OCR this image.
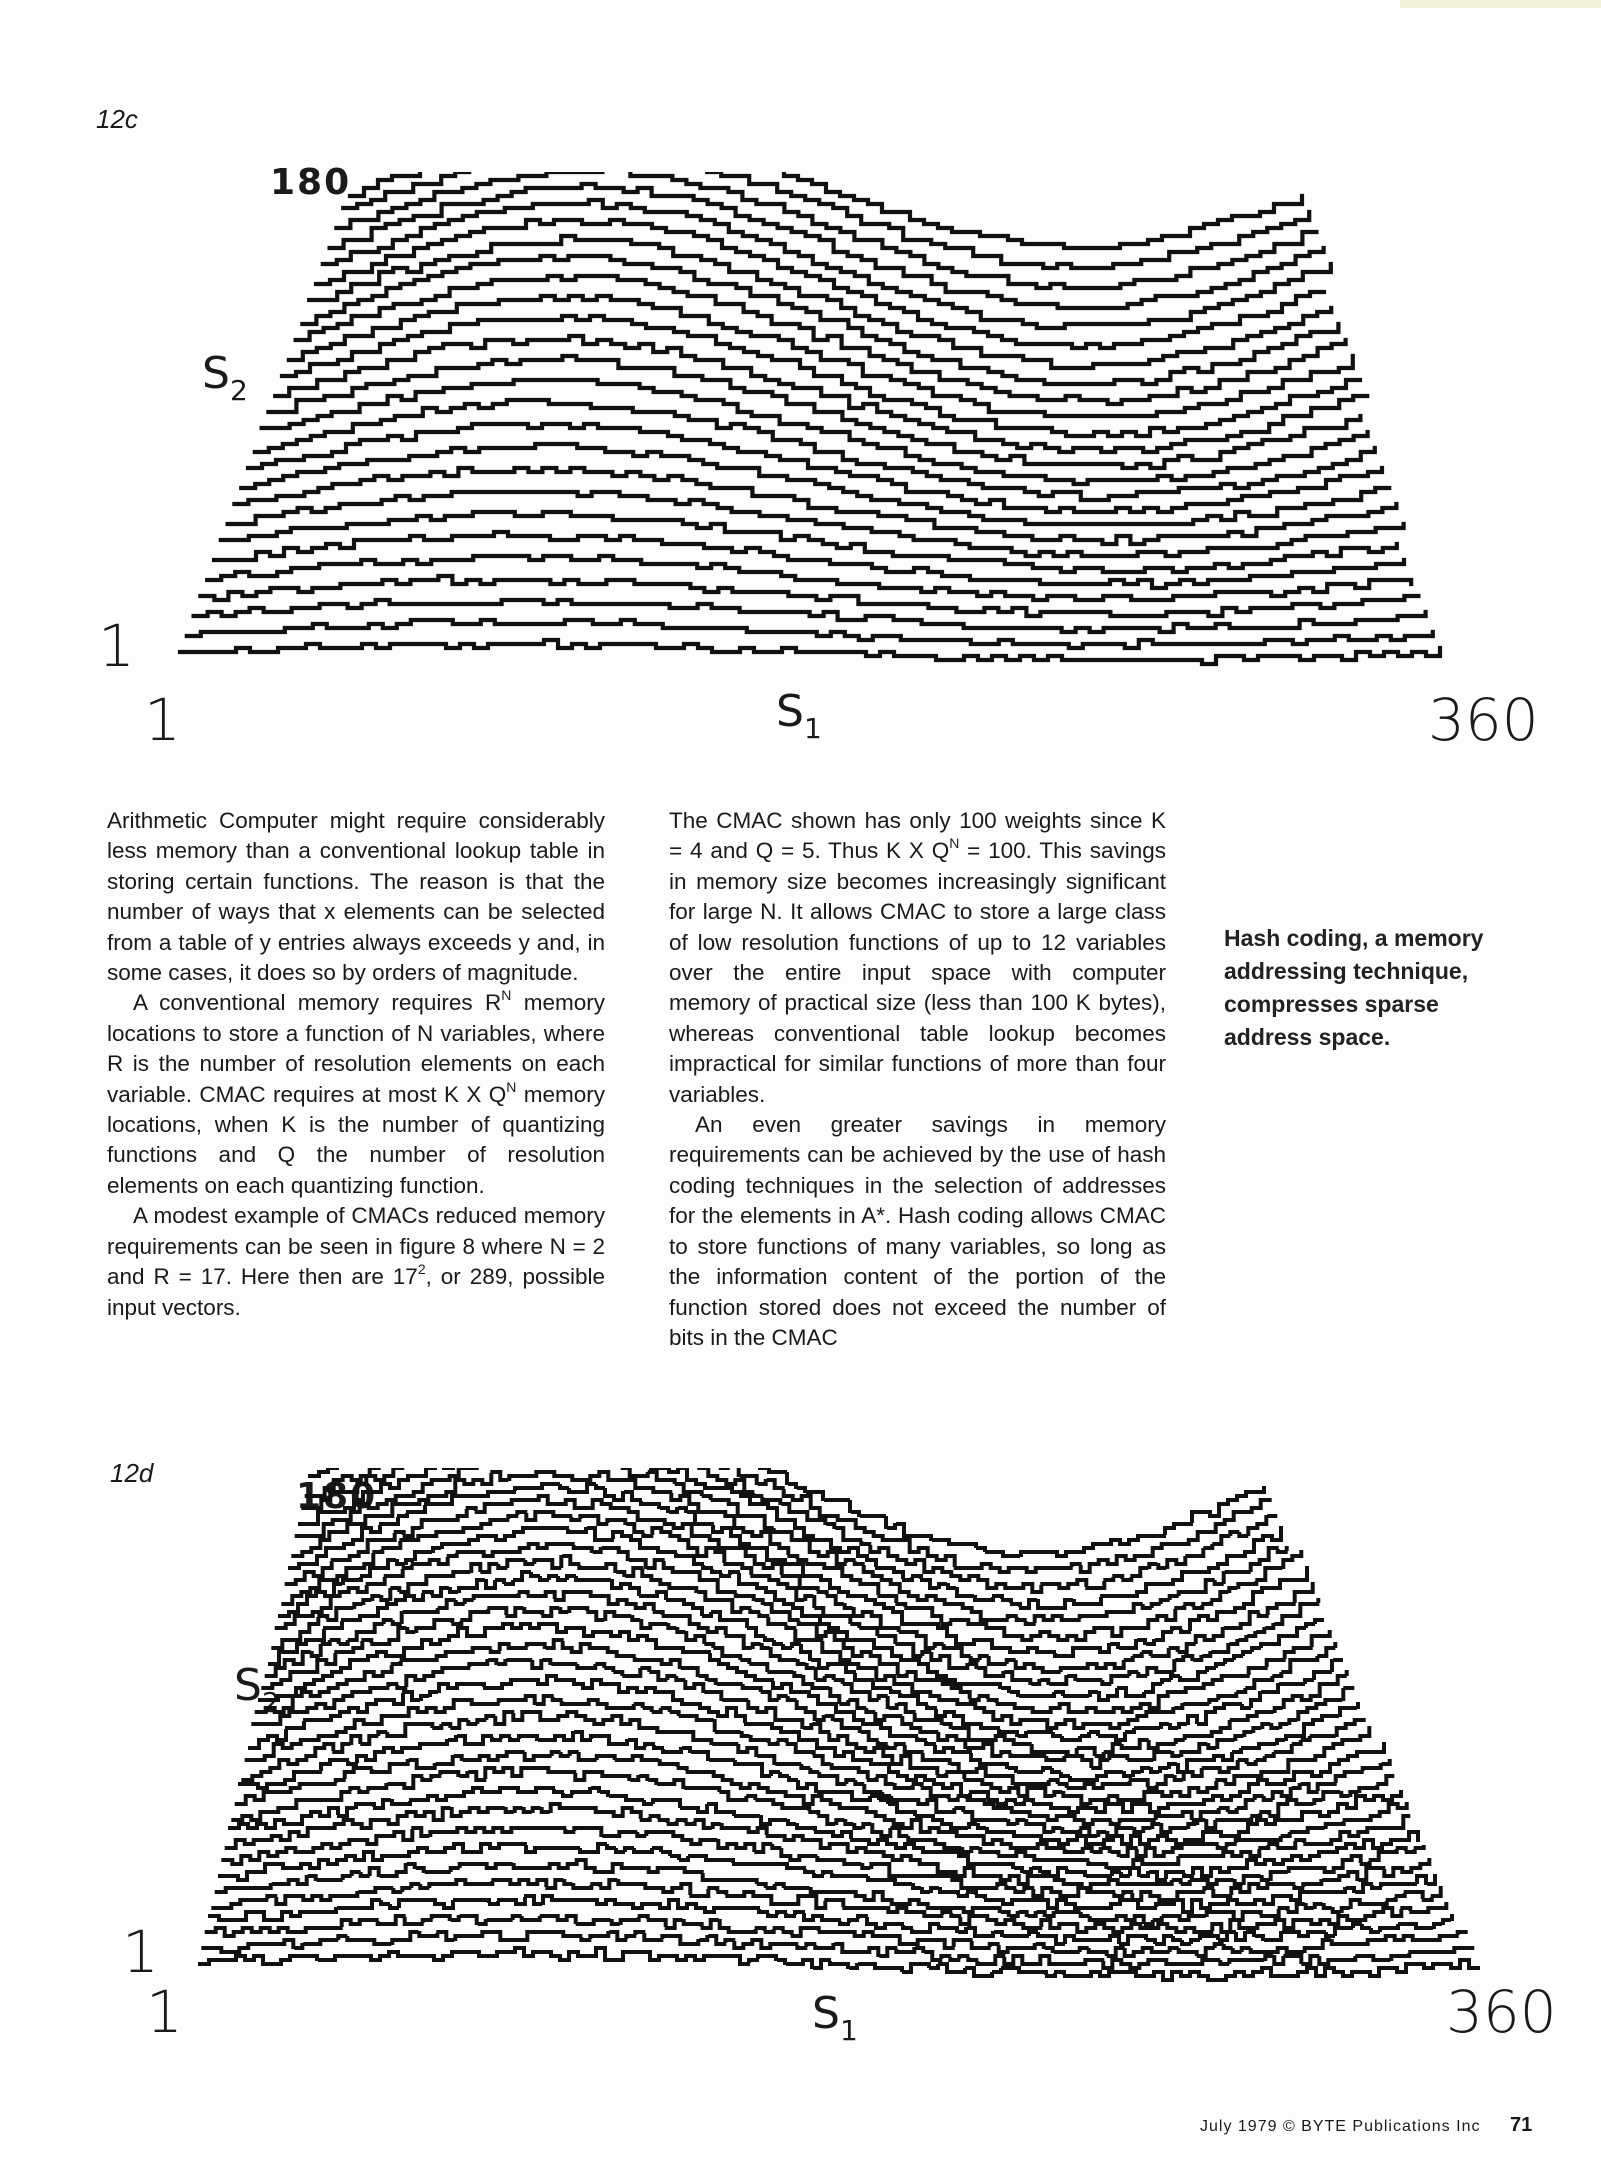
12c
180
$S_2$
1
1	$S_1$	360

Arithmetic Computer might require considerably less memory than a conventional lookup table in storing certain functions. The reason is that the number of ways that x elements can be selected from a table of y entries always exceeds y and, in some cases, it does so by orders of magnitude.

A conventional memory requires $R^N$ memory locations to store a function of N variables, where R is the number of resolution elements on each variable. CMAC requires at most K X $Q^N$ memory locations, when K is the number of quantizing functions and Q the number of resolution elements on each quantizing function.

A modest example of CMACs reduced memory requirements can be seen in figure 8 where N = 2 and R = 17. Here then are $17^2$, or 289, possible input vectors.

The CMAC shown has only 100 weights since K = 4 and Q = 5. Thus K X $Q^N = 100$. This savings in memory size becomes increasingly significant for large N. It allows CMAC to store a large class of low resolution functions of up to 12 variables over the entire input space with computer memory of practical size (less than 100 K bytes), whereas conventional table lookup becomes impractical for similar functions of more than four variables.

An even greater savings in memory requirements can be achieved by the use of hash coding techniques in the selection of addresses for the elements in A*. Hash coding allows CMAC to store functions of many variables, so long as the information content of the portion of the function stored does not exceed the number of bits in the CMAC

Hash coding, a memory addressing technique, compresses sparse address space.
12d
180
$S_2$
1
1	$S_1$	360
July 1979 © BYTE Publications Inc 71
